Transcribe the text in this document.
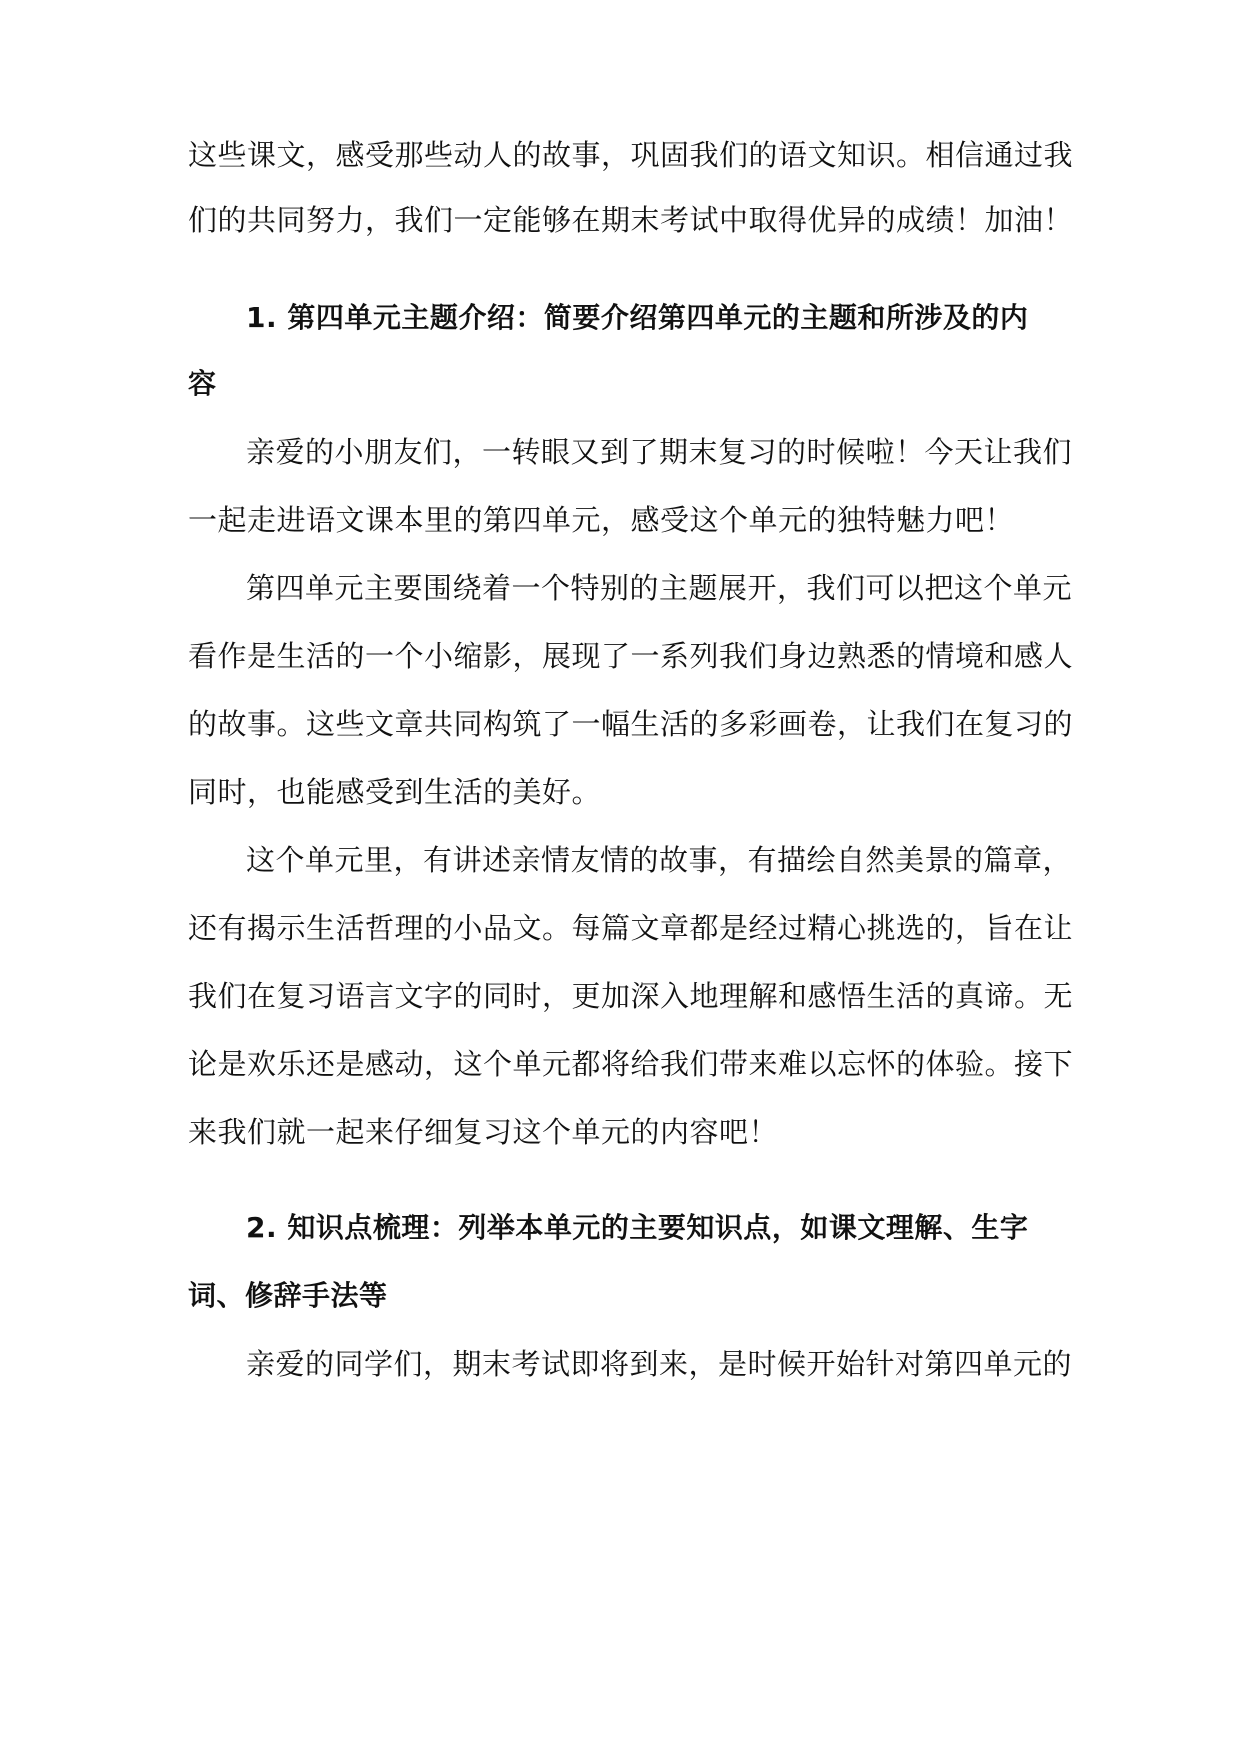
这些课文，感受那些动人的故事，巩固我们的语文知识。相信通过我
们的共同努力，我们一定能够在期末考试中取得优异的成绩！加油！
1. 第四单元主题介绍：简要介绍第四单元的主题和所涉及的内
容
亲爱的小朋友们，一转眼又到了期末复习的时候啦！今天让我们
一起走进语文课本里的第四单元，感受这个单元的独特魅力吧！
第四单元主要围绕着一个特别的主题展开，我们可以把这个单元
看作是生活的一个小缩影，展现了一系列我们身边熟悉的情境和感人
的故事。这些文章共同构筑了一幅生活的多彩画卷，让我们在复习的
同时，也能感受到生活的美好。
这个单元里，有讲述亲情友情的故事，有描绘自然美景的篇章，
还有揭示生活哲理的小品文。每篇文章都是经过精心挑选的，旨在让
我们在复习语言文字的同时，更加深入地理解和感悟生活的真谛。无
论是欢乐还是感动，这个单元都将给我们带来难以忘怀的体验。接下
来我们就一起来仔细复习这个单元的内容吧！
2. 知识点梳理：列举本单元的主要知识点，如课文理解、生字
词、修辞手法等
亲爱的同学们，期末考试即将到来，是时候开始针对第四单元的
